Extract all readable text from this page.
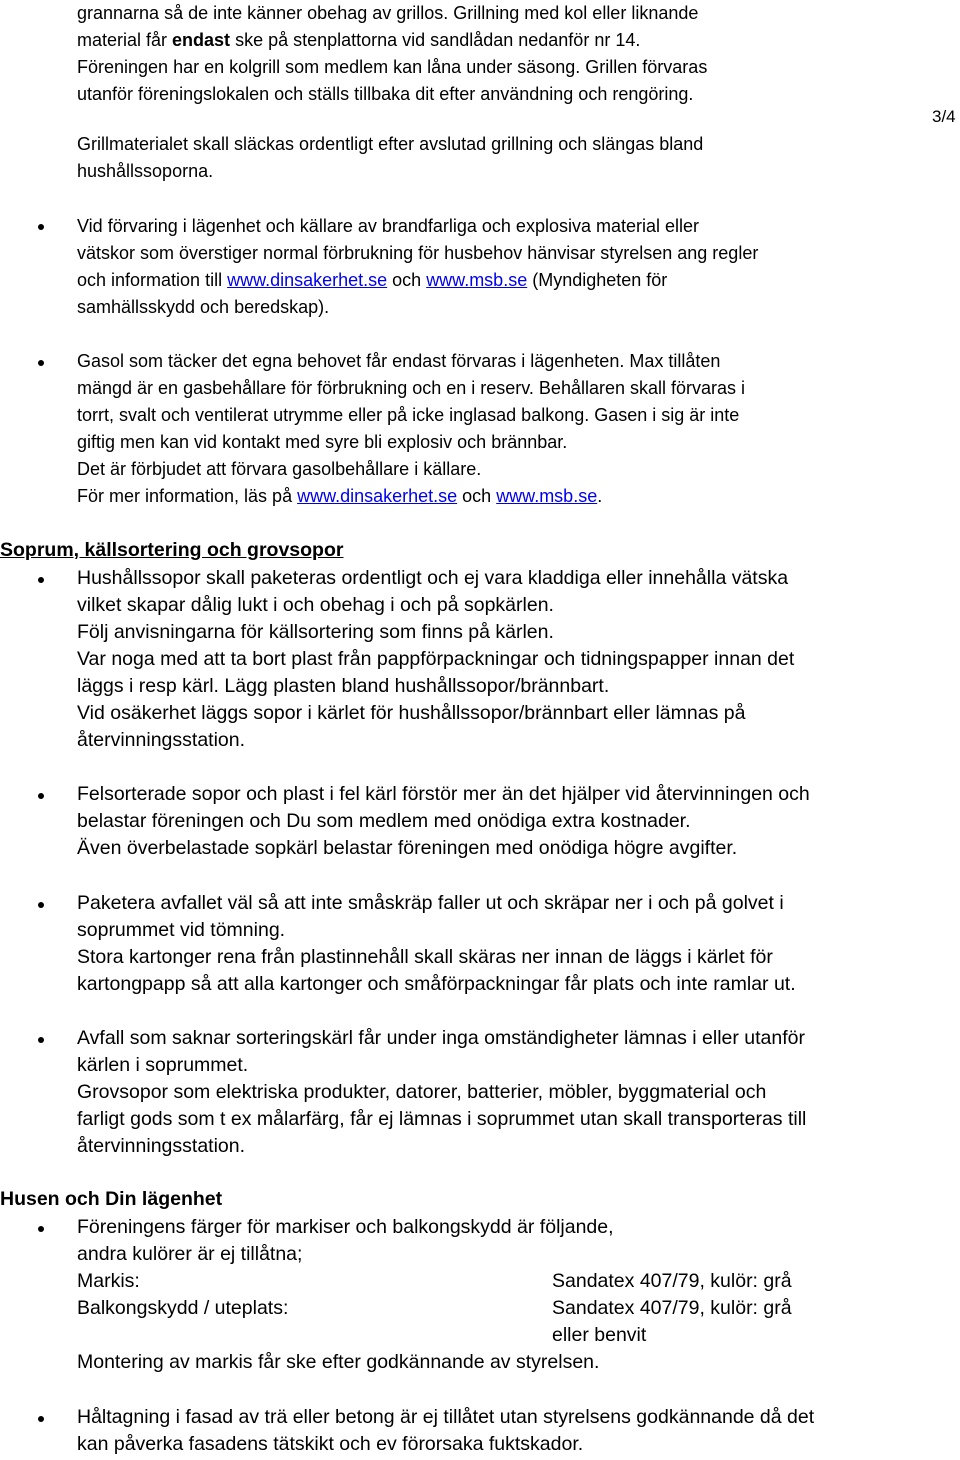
3/4
grannarna så de inte känner obehag av grillos. Grillning med kol eller liknande
material får endast ske på stenplattorna vid sandlådan nedanför nr 14.
Föreningen har en kolgrill som medlem kan låna under säsong. Grillen förvaras
utanför föreningslokalen och ställs tillbaka dit efter användning och rengöring.
Grillmaterialet skall släckas ordentligt efter avslutad grillning och slängas bland
hushållssoporna.
Vid förvaring i lägenhet och källare av brandfarliga och explosiva material eller
vätskor som överstiger normal förbrukning för husbehov hänvisar styrelsen ang regler
och information till www.dinsakerhet.se och www.msb.se (Myndigheten för
samhällsskydd och beredskap).
Gasol som täcker det egna behovet får endast förvaras i lägenheten. Max tillåten
mängd är en gasbehållare för förbrukning och en i reserv. Behållaren skall förvaras i
torrt, svalt och ventilerat utrymme eller på icke inglasad balkong. Gasen i sig är inte
giftig men kan vid kontakt med syre bli explosiv och brännbar.
Det är förbjudet att förvara gasolbehållare i källare.
För mer information, läs på www.dinsakerhet.se och www.msb.se.
Soprum, källsortering och grovsopor
Hushållssopor skall paketeras ordentligt och ej vara kladdiga eller innehålla vätska
vilket skapar dålig lukt i och obehag i och på sopkärlen.
Följ anvisningarna för källsortering som finns på kärlen.
Var noga med att ta bort plast från pappförpackningar och tidningspapper innan det
läggs i resp kärl. Lägg plasten bland hushållssopor/brännbart.
Vid osäkerhet läggs sopor i kärlet för hushållssopor/brännbart eller lämnas på
återvinningsstation.
Felsorterade sopor och plast i fel kärl förstör mer än det hjälper vid återvinningen och
belastar föreningen och Du som medlem med onödiga extra kostnader.
Även överbelastade sopkärl belastar föreningen med onödiga högre avgifter.
Paketera avfallet väl så att inte småskräp faller ut och skräpar ner i och på golvet i
soprummet vid tömning.
Stora kartonger rena från plastinnehåll skall skäras ner innan de läggs i kärlet för
kartongpapp så att alla kartonger och småförpackningar får plats och inte ramlar ut.
Avfall som saknar sorteringskärl får under inga omständigheter lämnas i eller utanför
kärlen i soprummet.
Grovsopor som elektriska produkter, datorer, batterier, möbler, byggmaterial och
farligt gods som t ex målarfärg, får ej lämnas i soprummet utan skall transporteras till
återvinningsstation.
Husen och Din lägenhet
Föreningens färger för markiser och balkongskydd är följande,
andra kulörer är ej tillåtna;
Markis:	Sandatex 407/79, kulör: grå
Balkongskydd / uteplats:	Sandatex 407/79, kulör: grå
eller benvit
Montering av markis får ske efter godkännande av styrelsen.
Håltagning i fasad av trä eller betong är ej tillåtet utan styrelsens godkännande då det
kan påverka fasadens tätskikt och ev förorsaka fuktskador.
